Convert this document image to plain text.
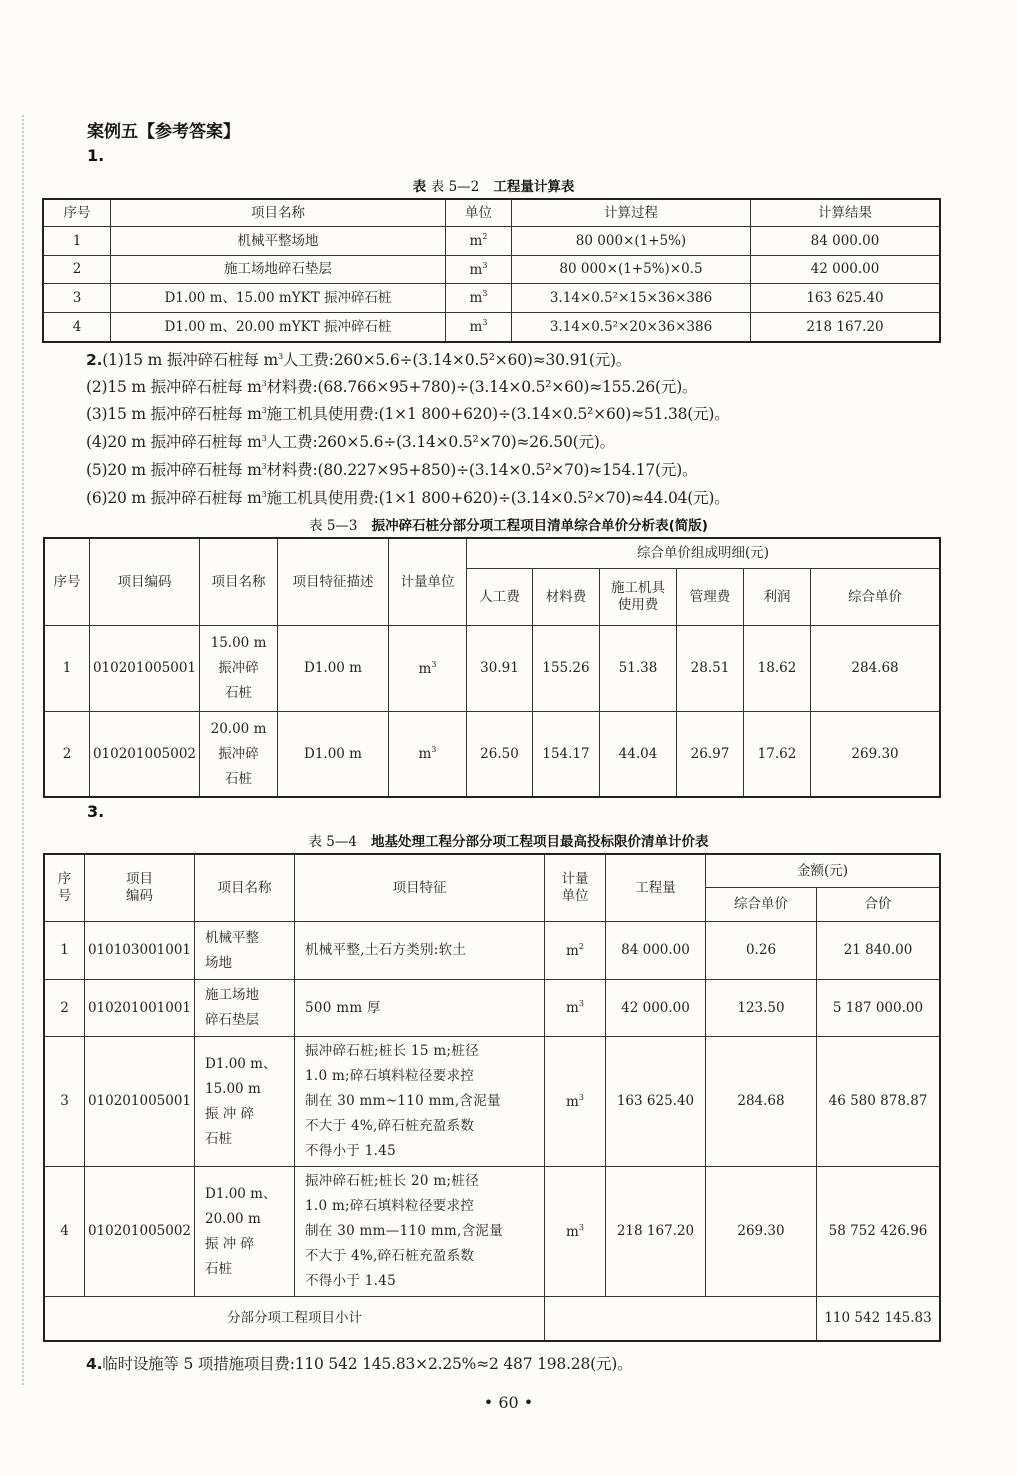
案例五【参考答案】
1.
表 表 5—2 工程量计算表
序号	项目名称	单位	计算过程	计算结果
1	机械平整场地	$m^2$	80 000×(1+5%)	84 000.00
2	施工场地碎石垫层	$m^3$	80 000×(1+5%)×0.5	42 000.00
3	D1.00 m、15.00 mYKT 振冲碎石桩	$m^3$	3.14×0.5²×15×36×386	163 625.40
4	D1.00 m、20.00 mYKT 振冲碎石桩	$m^3$	3.14×0.5²×20×36×386	218 167.20
2.(1)15 m 振冲碎石桩每 $m^3$人工费:260×5.6÷(3.14×0.5²×60)≈30.91(元)。
(2)15 m 振冲碎石桩每 $m^3$材料费:(68.766×95+780)÷(3.14×0.5²×60)≈155.26(元)。
(3)15 m 振冲碎石桩每 $m^3$施工机具使用费:(1×1 800+620)÷(3.14×0.5²×60)≈51.38(元)。
(4)20 m 振冲碎石桩每 $m^3$人工费:260×5.6÷(3.14×0.5²×70)≈26.50(元)。
(5)20 m 振冲碎石桩每 $m^3$材料费:(80.227×95+850)÷(3.14×0.5²×70)≈154.17(元)。
(6)20 m 振冲碎石桩每 $m^3$施工机具使用费:(1×1 800+620)÷(3.14×0.5²×70)≈44.04(元)。
表 5—3 振冲碎石桩分部分项工程项目清单综合单价分析表(简版)
序号	项目编码	项目名称	项目特征描述	计量单位	综合单价组成明细(元)					
					人工费	材料费	施工机具
使用费	管理费	利润	综合单价
1	010201005001	15.00 m
振冲碎
石桩	D1.00 m	$m^3$	30.91	155.26	51.38	28.51	18.62	284.68
2	010201005002	20.00 m
振冲碎
石桩	D1.00 m	$m^3$	26.50	154.17	44.04	26.97	17.62	269.30
3.
表 5—4 地基处理工程分部分项工程项目最高投标限价清单计价表
序
号	项目
编码	项目名称	项目特征	计量
单位	工程量	金额(元)	
						综合单价	合价
1	010103001001	机械平整
场地	机械平整,土石方类别:软土	$m^2$	84 000.00	0.26	21 840.00
2	010201001001	施工场地
碎石垫层	500 mm 厚	$m^3$	42 000.00	123.50	5 187 000.00
3	010201005001	D1.00 m、
15.00 m
振 冲 碎
石桩	振冲碎石桩;桩长 15 m;桩径
1.0 m;碎石填料粒径要求控
制在 30 mm~110 mm,含泥量
不大于 4%,碎石桩充盈系数
不得小于 1.45	$m^3$	163 625.40	284.68	46 580 878.87
4	010201005002	D1.00 m、
20.00 m
振 冲 碎
石桩	振冲碎石桩;桩长 20 m;桩径
1.0 m;碎石填料粒径要求控
制在 30 mm—110 mm,含泥量
不大于 4%,碎石桩充盈系数
不得小于 1.45	$m^3$	218 167.20	269.30	58 752 426.96
分部分项工程项目小计							110 542 145.83
4.临时设施等 5 项措施项目费:110 542 145.83×2.25%≈2 487 198.28(元)。
• 60 •
